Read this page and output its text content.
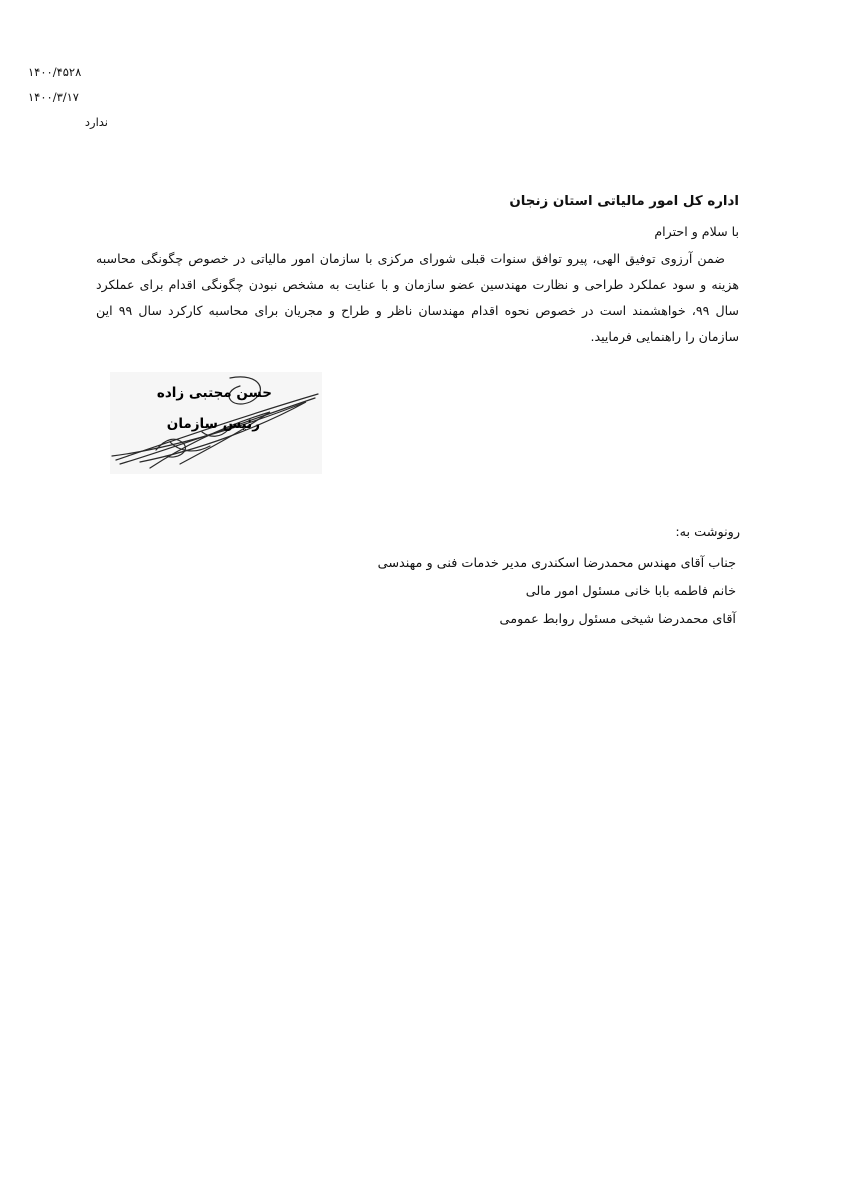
۱۴۰۰/۴۵۲۸
۱۴۰۰/۳/۱۷
ندارد
اداره کل امور مالیاتی استان زنجان
با سلام و احترام
ضمن آرزوی توفیق الهی، پیرو توافق سنوات قبلی شورای مرکزی با سازمان امور مالیاتی در خصوص چگونگی محاسبه هزینه و سود عملکرد طراحی و نظارت مهندسین عضو سازمان و با عنایت به مشخص نبودن چگونگی اقدام برای عملکرد سال ۹۹، خواهشمند است در خصوص نحوه اقدام مهندسان ناظر و طراح و مجریان برای محاسبه کارکرد سال ۹۹ این سازمان را راهنمایی فرمایید.
حسن مجتبی زاده
رئیس سازمان
رونوشت به:
جناب آقای مهندس محمدرضا اسکندری مدیر خدمات فنی و مهندسی
خانم فاطمه بابا خانی مسئول امور مالی
آقای محمدرضا شیخی مسئول روابط عمومی
